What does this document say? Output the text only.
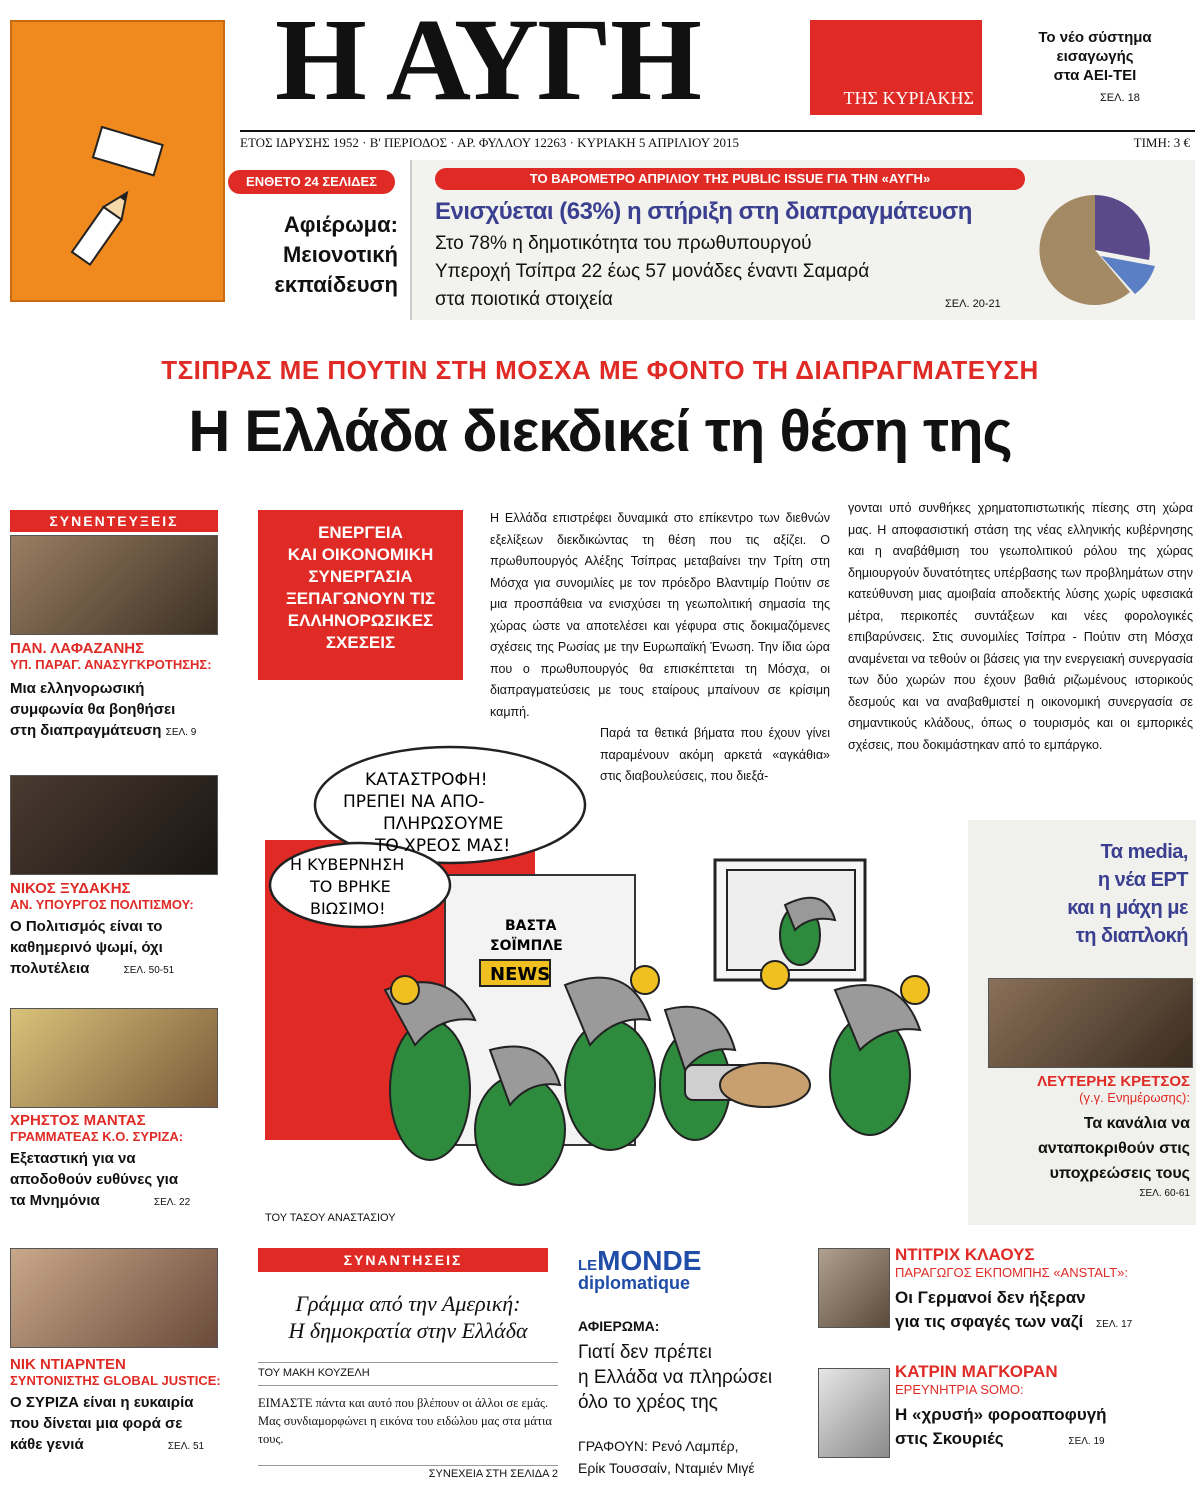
Η ΑΥΓΗ	ΤΗΣ ΚΥΡΙΑΚΗΣ
Το νέο σύστημα
εισαγωγής
στα ΑΕΙ-ΤΕΙ
ΣΕΛ. 18
ΕΤΟΣ ΙΔΡΥΣΗΣ 1952 · Β' ΠΕΡΙΟΔΟΣ · ΑΡ. ΦΥΛΛΟΥ 12263 · ΚΥΡΙΑΚΗ 5 ΑΠΡΙΛΙΟΥ 2015	ΤΙΜΗ: 3 €
ΕΝΘΕΤΟ 24 ΣΕΛΙΔΕΣ
Αφιέρωμα:
Μειονοτική
εκπαίδευση
ΤΟ ΒΑΡΟΜΕΤΡΟ ΑΠΡΙΛΙΟΥ ΤΗΣ PUBLIC ISSUE ΓΙΑ ΤΗΝ «ΑΥΓΗ»
Ενισχύεται (63%) η στήριξη στη διαπραγμάτευση
Στο 78% η δημοτικότητα του πρωθυπουργού
Υπεροχή Τσίπρα 22 έως 57 μονάδες έναντι Σαμαρά
στα ποιοτικά στοιχεία	ΣΕΛ. 20-21
ΤΣΙΠΡΑΣ ΜΕ ΠΟΥΤΙΝ ΣΤΗ ΜΟΣΧΑ ΜΕ ΦΟΝΤΟ ΤΗ ΔΙΑΠΡΑΓΜΑΤΕΥΣΗ
Η Ελλάδα διεκδικεί τη θέση της
ΣΥΝΕΝΤΕΥΞΕΙΣ
ΠΑΝ. ΛΑΦΑΖΑΝΗΣ
ΥΠ. ΠΑΡΑΓ. ΑΝΑΣΥΓΚΡΟΤΗΣΗΣ:
Μια ελληνορωσική
συμφωνία θα βοηθήσει
στη διαπραγμάτευση ΣΕΛ. 9
ΝΙΚΟΣ ΞΥΔΑΚΗΣ
ΑΝ. ΥΠΟΥΡΓΟΣ ΠΟΛΙΤΙΣΜΟΥ:
Ο Πολιτισμός είναι το
καθημερινό ψωμί, όχι
πολυτέλεια	ΣΕΛ. 50-51
ΧΡΗΣΤΟΣ ΜΑΝΤΑΣ
ΓΡΑΜΜΑΤΕΑΣ Κ.Ο. ΣΥΡΙΖΑ:
Εξεταστική για να
αποδοθούν ευθύνες για
τα Μνημόνια	ΣΕΛ. 22
ΝΙΚ ΝΤΙΑΡΝΤΕΝ
ΣΥΝΤΟΝΙΣΤΗΣ GLOBAL JUSTICE:
Ο ΣΥΡΙΖΑ είναι η ευκαιρία
που δίνεται μια φορά σε
κάθε γενιά	ΣΕΛ. 51
ΕΝΕΡΓΕΙΑ
ΚΑΙ ΟΙΚΟΝΟΜΙΚΗ
ΣΥΝΕΡΓΑΣΙΑ
ΞΕΠΑΓΩΝΟΥΝ ΤΙΣ
ΕΛΛΗΝΟΡΩΣΙΚΕΣ
ΣΧΕΣΕΙΣ
Η Ελλάδα επιστρέφει δυναμικά στο επίκεντρο των διεθνών εξελίξεων διεκδικώντας τη θέση που τις αξίζει. Ο πρωθυπουργός Αλέξης Τσίπρας μεταβαίνει την Τρίτη στη Μόσχα για συνομιλίες με τον πρόεδρο Βλαντιμίρ Πούτιν σε μια προσπάθεια να ενισχύσει τη γεωπολιτική σημασία της χώρας ώστε να αποτελέσει και γέφυρα στις δοκιμαζόμενες σχέσεις της Ρωσίας με την Ευρωπαϊκή Ένωση. Την ίδια ώρα που ο πρωθυπουργός θα επισκέπτεται τη Μόσχα, οι διαπραγματεύσεις με τους εταίρους μπαίνουν σε κρίσιμη καμπή.
Παρά τα θετικά βήματα που έχουν γίνει παραμένουν ακόμη αρκετά «αγκάθια» στις διαβουλεύσεις, που διεξά-
γονται υπό συνθήκες χρηματοπιστωτικής πίεσης στη χώρα μας. Η αποφασιστική στάση της νέας ελληνικής κυβέρνησης και η αναβάθμιση του γεωπολιτικού ρόλου της χώρας δημιουργούν δυνατότητες υπέρβασης των προβλημάτων στην κατεύθυνση μιας αμοιβαία αποδεκτής λύσης χωρίς υφεσιακά μέτρα, περικοπές συντάξεων και νέες φορολογικές επιβαρύνσεις. Στις συνομιλίες Τσίπρα - Πούτιν στη Μόσχα αναμένεται να τεθούν οι βάσεις για την ενεργειακή συνεργασία των δύο χωρών που έχουν βαθιά ριζωμένους ιστορικούς δεσμούς και να αναβαθμιστεί η οικονομική συνεργασία σε σημαντικούς κλάδους, όπως ο τουρισμός και οι εμπορικές σχέσεις, που δοκιμάστηκαν από το εμπάργκο.
ΚΑΤΑΣΤΡΟΦΗ!
ΠΡΕΠΕΙ ΝΑ ΑΠΟ-
ΠΛΗΡΩΣΟΥΜΕ
ΤΟ ΧΡΕΟΣ ΜΑΣ!
Η ΚΥΒΕΡΝΗΣΗ
ΤΟ ΒΡΗΚΕ
ΒΙΩΣΙΜΟ!
ΒΑΣΤΑ
ΣΟΪΜΠΛΕ
NEWS
ΤΟΥ ΤΑΣΟΥ ΑΝΑΣΤΑΣΙΟΥ
Τα media,
η νέα ΕΡΤ
και η μάχη με
τη διαπλοκή
ΛΕΥΤΕΡΗΣ ΚΡΕΤΣΟΣ
(γ.γ. Ενημέρωσης):
Τα κανάλια να
ανταποκριθούν στις
υποχρεώσεις τους
ΣΕΛ. 60-61
ΣΥΝΑΝΤΗΣΕΙΣ
Γράμμα από την Αμερική:
Η δημοκρατία στην Ελλάδα
ΤΟΥ ΜΑΚΗ ΚΟΥΖΕΛΗ
ΕΙΜΑΣΤΕ πάντα και αυτό που βλέπουν οι άλλοι σε εμάς. Μας συνδιαμορφώνει η εικόνα του ειδώλου μας στα μάτια τους.
ΣΥΝΕΧΕΙΑ ΣΤΗ ΣΕΛΙΔΑ 2
LEMONDE
diplomatique
ΑΦΙΕΡΩΜΑ:
Γιατί δεν πρέπει
η Ελλάδα να πληρώσει
όλο το χρέος της
ΓΡΑΦΟΥΝ: Ρενό Λαμπέρ,
Ερίκ Τουσσαίν, Νταμιέν Μιγέ
ΝΤΙΤΡΙΧ ΚΛΑΟΥΣ
ΠΑΡΑΓΩΓΟΣ ΕΚΠΟΜΠΗΣ «ANSTALT»:
Οι Γερμανοί δεν ήξεραν
για τις σφαγές των ναζί ΣΕΛ. 17
ΚΑΤΡΙΝ ΜΑΓΚΟΡΑΝ
ΕΡΕΥΝΗΤΡΙΑ SOMO:
Η «χρυσή» φοροαποφυγή
στις Σκουριές	ΣΕΛ. 19
